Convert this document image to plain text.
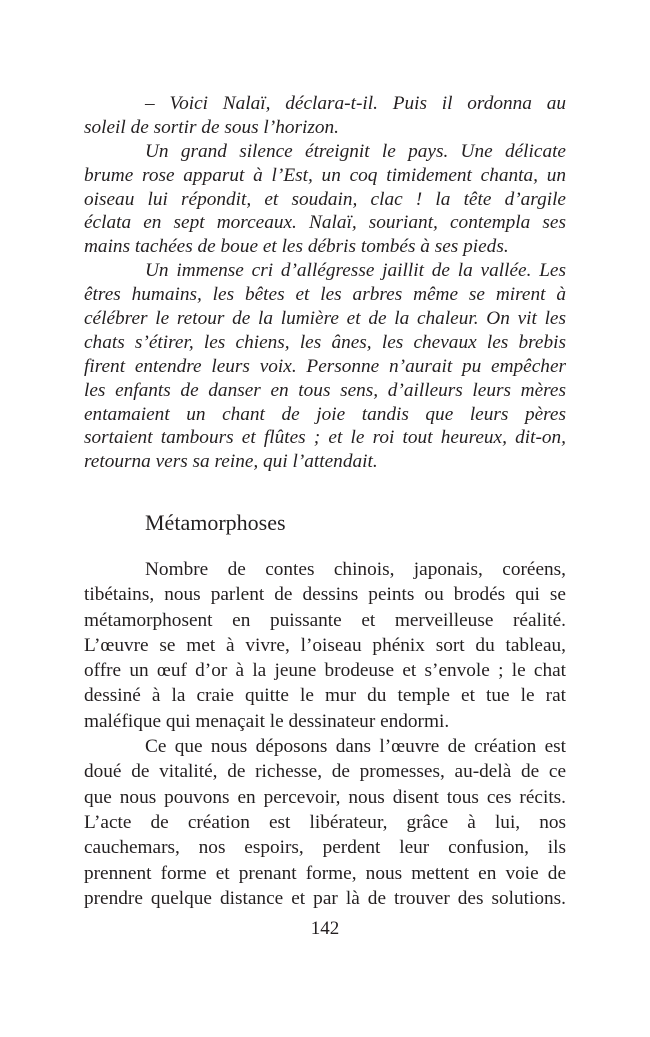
– Voici Nalaï, déclara-t-il. Puis il ordonna au
soleil de sortir de sous l’horizon.
Un grand silence étreignit le pays. Une délicate
brume rose apparut à l’Est, un coq timidement chanta, un
oiseau lui répondit, et soudain, clac ! la tête d’argile
éclata en sept morceaux. Nalaï, souriant, contempla ses
mains tachées de boue et les débris tombés à ses pieds.
Un immense cri d’allégresse jaillit de la vallée. Les
êtres humains, les bêtes et les arbres même se mirent à
célébrer le retour de la lumière et de la chaleur. On vit les
chats s’étirer, les chiens, les ânes, les chevaux les brebis
firent entendre leurs voix. Personne n’aurait pu empêcher
les enfants de danser en tous sens, d’ailleurs leurs mères
entamaient un chant de joie tandis que leurs pères
sortaient tambours et flûtes ; et le roi tout heureux, dit-on,
retourna vers sa reine, qui l’attendait.
Métamorphoses
Nombre de contes chinois, japonais, coréens,
tibétains, nous parlent de dessins peints ou brodés qui se
métamorphosent en puissante et merveilleuse réalité.
L’œuvre se met à vivre, l’oiseau phénix sort du tableau,
offre un œuf d’or à la jeune brodeuse et s’envole ; le chat
dessiné à la craie quitte le mur du temple et tue le rat
maléfique qui menaçait le dessinateur endormi.
Ce que nous déposons dans l’œuvre de création est
doué de vitalité, de richesse, de promesses, au-delà de ce
que nous pouvons en percevoir, nous disent tous ces récits.
L’acte de création est libérateur, grâce à lui, nos
cauchemars, nos espoirs, perdent leur confusion, ils
prennent forme et prenant forme, nous mettent en voie de
prendre quelque distance et par là de trouver des solutions.
142
